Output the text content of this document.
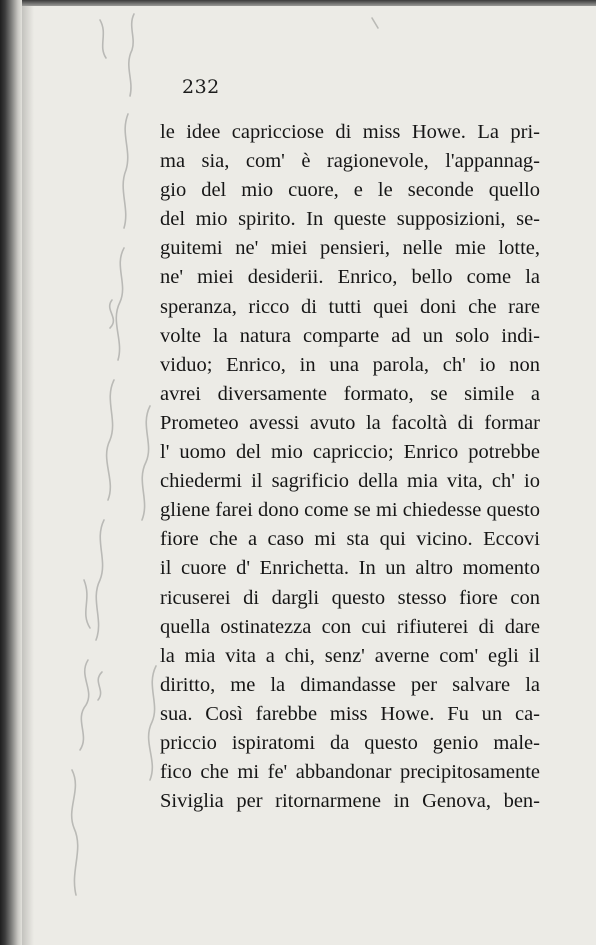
232

le idee capricciose di miss Howe. La pri-
ma sia, com' è ragionevole, l'appannag-
gio del mio cuore, e le seconde quello
del mio spirito. In queste supposizioni, se-
guitemi ne' miei pensieri, nelle mie lotte,
ne' miei desiderii. Enrico, bello come la
speranza, ricco di tutti quei doni che rare
volte la natura comparte ad un solo indi-
viduo; Enrico, in una parola, ch' io non
avrei diversamente formato, se simile a
Prometeo avessi avuto la facoltà di formar
l' uomo del mio capriccio; Enrico potrebbe
chiedermi il sagrificio della mia vita, ch' io
gliene farei dono come se mi chiedesse questo
fiore che a caso mi sta qui vicino. Eccovi
il cuore d' Enrichetta. In un altro momento
ricuserei di dargli questo stesso fiore con
quella ostinatezza con cui rifiuterei di dare
la mia vita a chi, senz' averne com' egli il
diritto, me la dimandasse per salvare la
sua. Così farebbe miss Howe. Fu un ca-
priccio ispiratomi da questo genio male-
fico che mi fe' abbandonar precipitosamente
Siviglia per ritornarmene in Genova, ben-
